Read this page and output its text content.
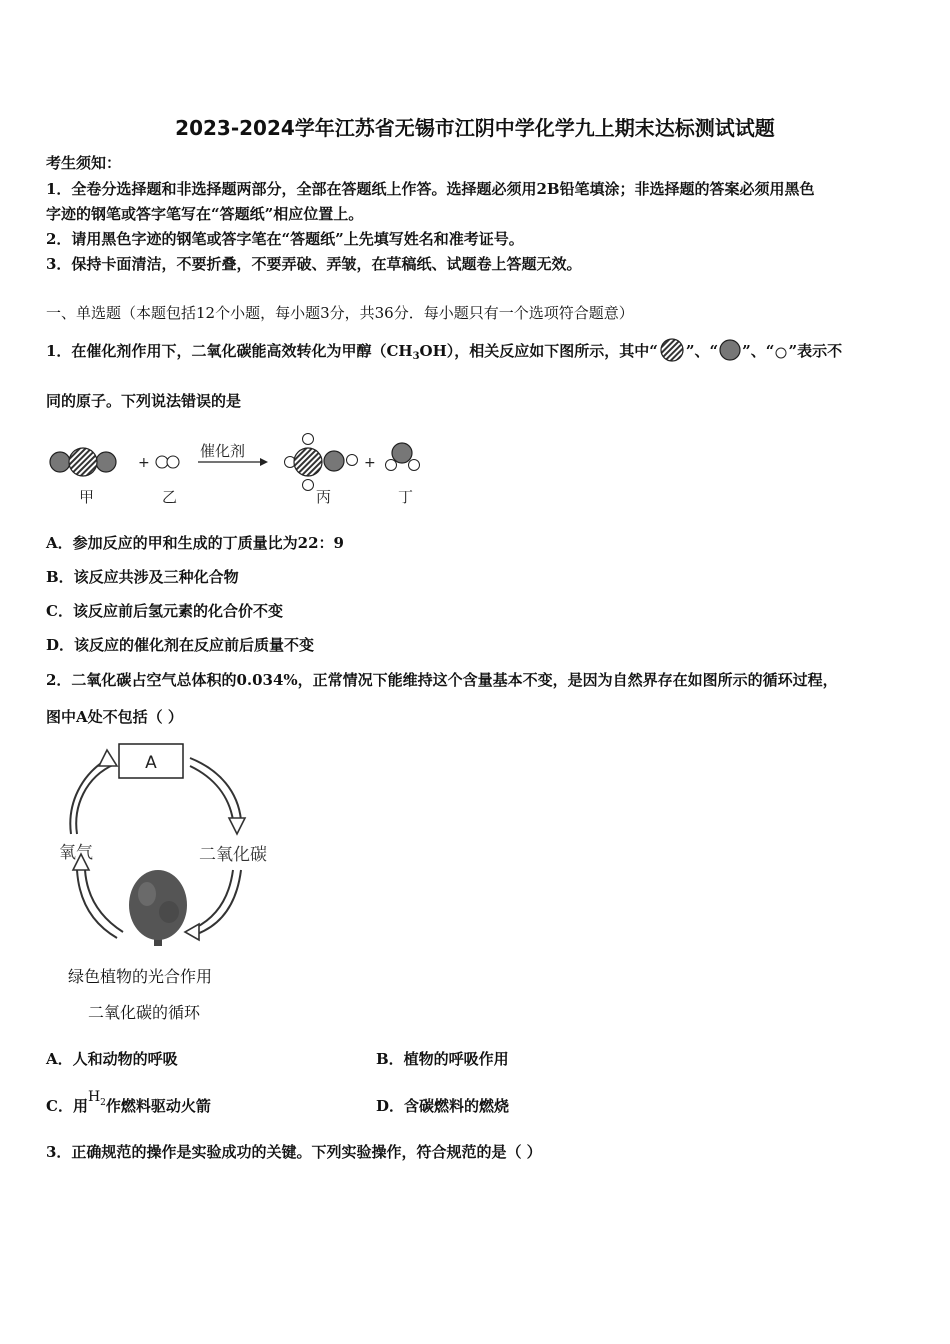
2023-2024学年江苏省无锡市江阴中学化学九上期末达标测试试题
考生须知：
1．全卷分选择题和非选择题两部分，全部在答题纸上作答。选择题必须用2B铅笔填涂；非选择题的答案必须用黑色
字迹的钢笔或答字笔写在“答题纸”相应位置上。
2．请用黑色字迹的钢笔或答字笔在“答题纸”上先填写姓名和准考证号。
3．保持卡面清洁，不要折叠，不要弄破、弄皱，在草稿纸、试题卷上答题无效。
一、单选题（本题包括12个小题，每小题3分，共36分．每小题只有一个选项符合题意）
1．在催化剂作用下，二氧化碳能高效转化为甲醇$(CH_3OH)$，相关反应如下图所示，其中“ ”、“ ”、“ ”表示不
同的原子。下列说法错误的是
+
催化剂
+
甲	乙	丙	丁
A．参加反应的甲和生成的丁质量比为22：9
B．该反应共涉及三种化合物
C．该反应前后氢元素的化合价不变
D．该反应的催化剂在反应前后质量不变
2．二氧化碳占空气总体积的0.034%，正常情况下能维持这个含量基本不变，是因为自然界存在如图所示的循环过程，
图中A处不包括（ ）
A
氧气	二氧化碳
绿色植物的光合作用
二氧化碳的循环
A．人和动物的呼吸	B．植物的呼吸作用
C．用$H_2$作燃料驱动火箭	D．含碳燃料的燃烧
3．正确规范的操作是实验成功的关键。下列实验操作，符合规范的是（ ）
